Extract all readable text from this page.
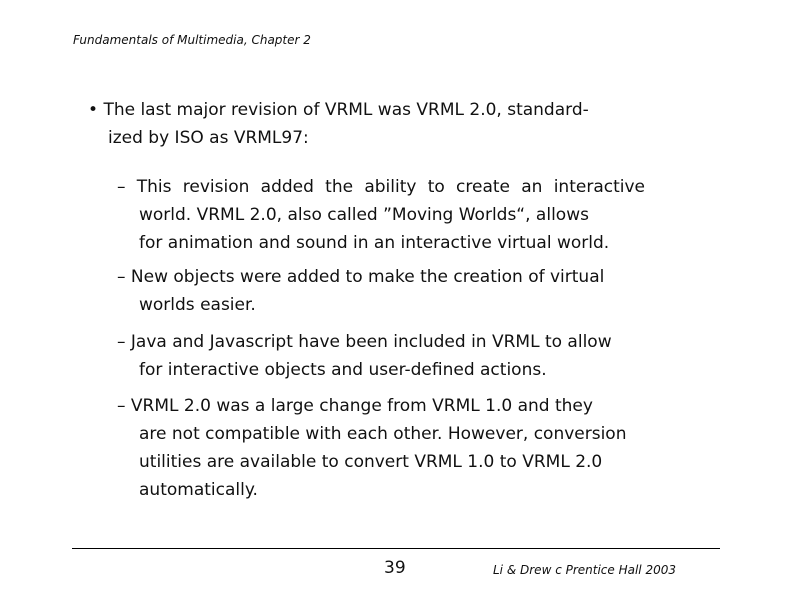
Fundamentals of Multimedia, Chapter 2
• The last major revision of VRML was VRML 2.0, standard-
ized by ISO as VRML97:
– This revision added the ability to create an interactive
world. VRML 2.0, also called ”Moving Worlds“, allows
for animation and sound in an interactive virtual world.
– New objects were added to make the creation of virtual
worlds easier.
– Java and Javascript have been included in VRML to allow
for interactive objects and user-defined actions.
– VRML 2.0 was a large change from VRML 1.0 and they
are not compatible with each other. However, conversion
utilities are available to convert VRML 1.0 to VRML 2.0
automatically.
39	Li & Drew c Prentice Hall 2003
